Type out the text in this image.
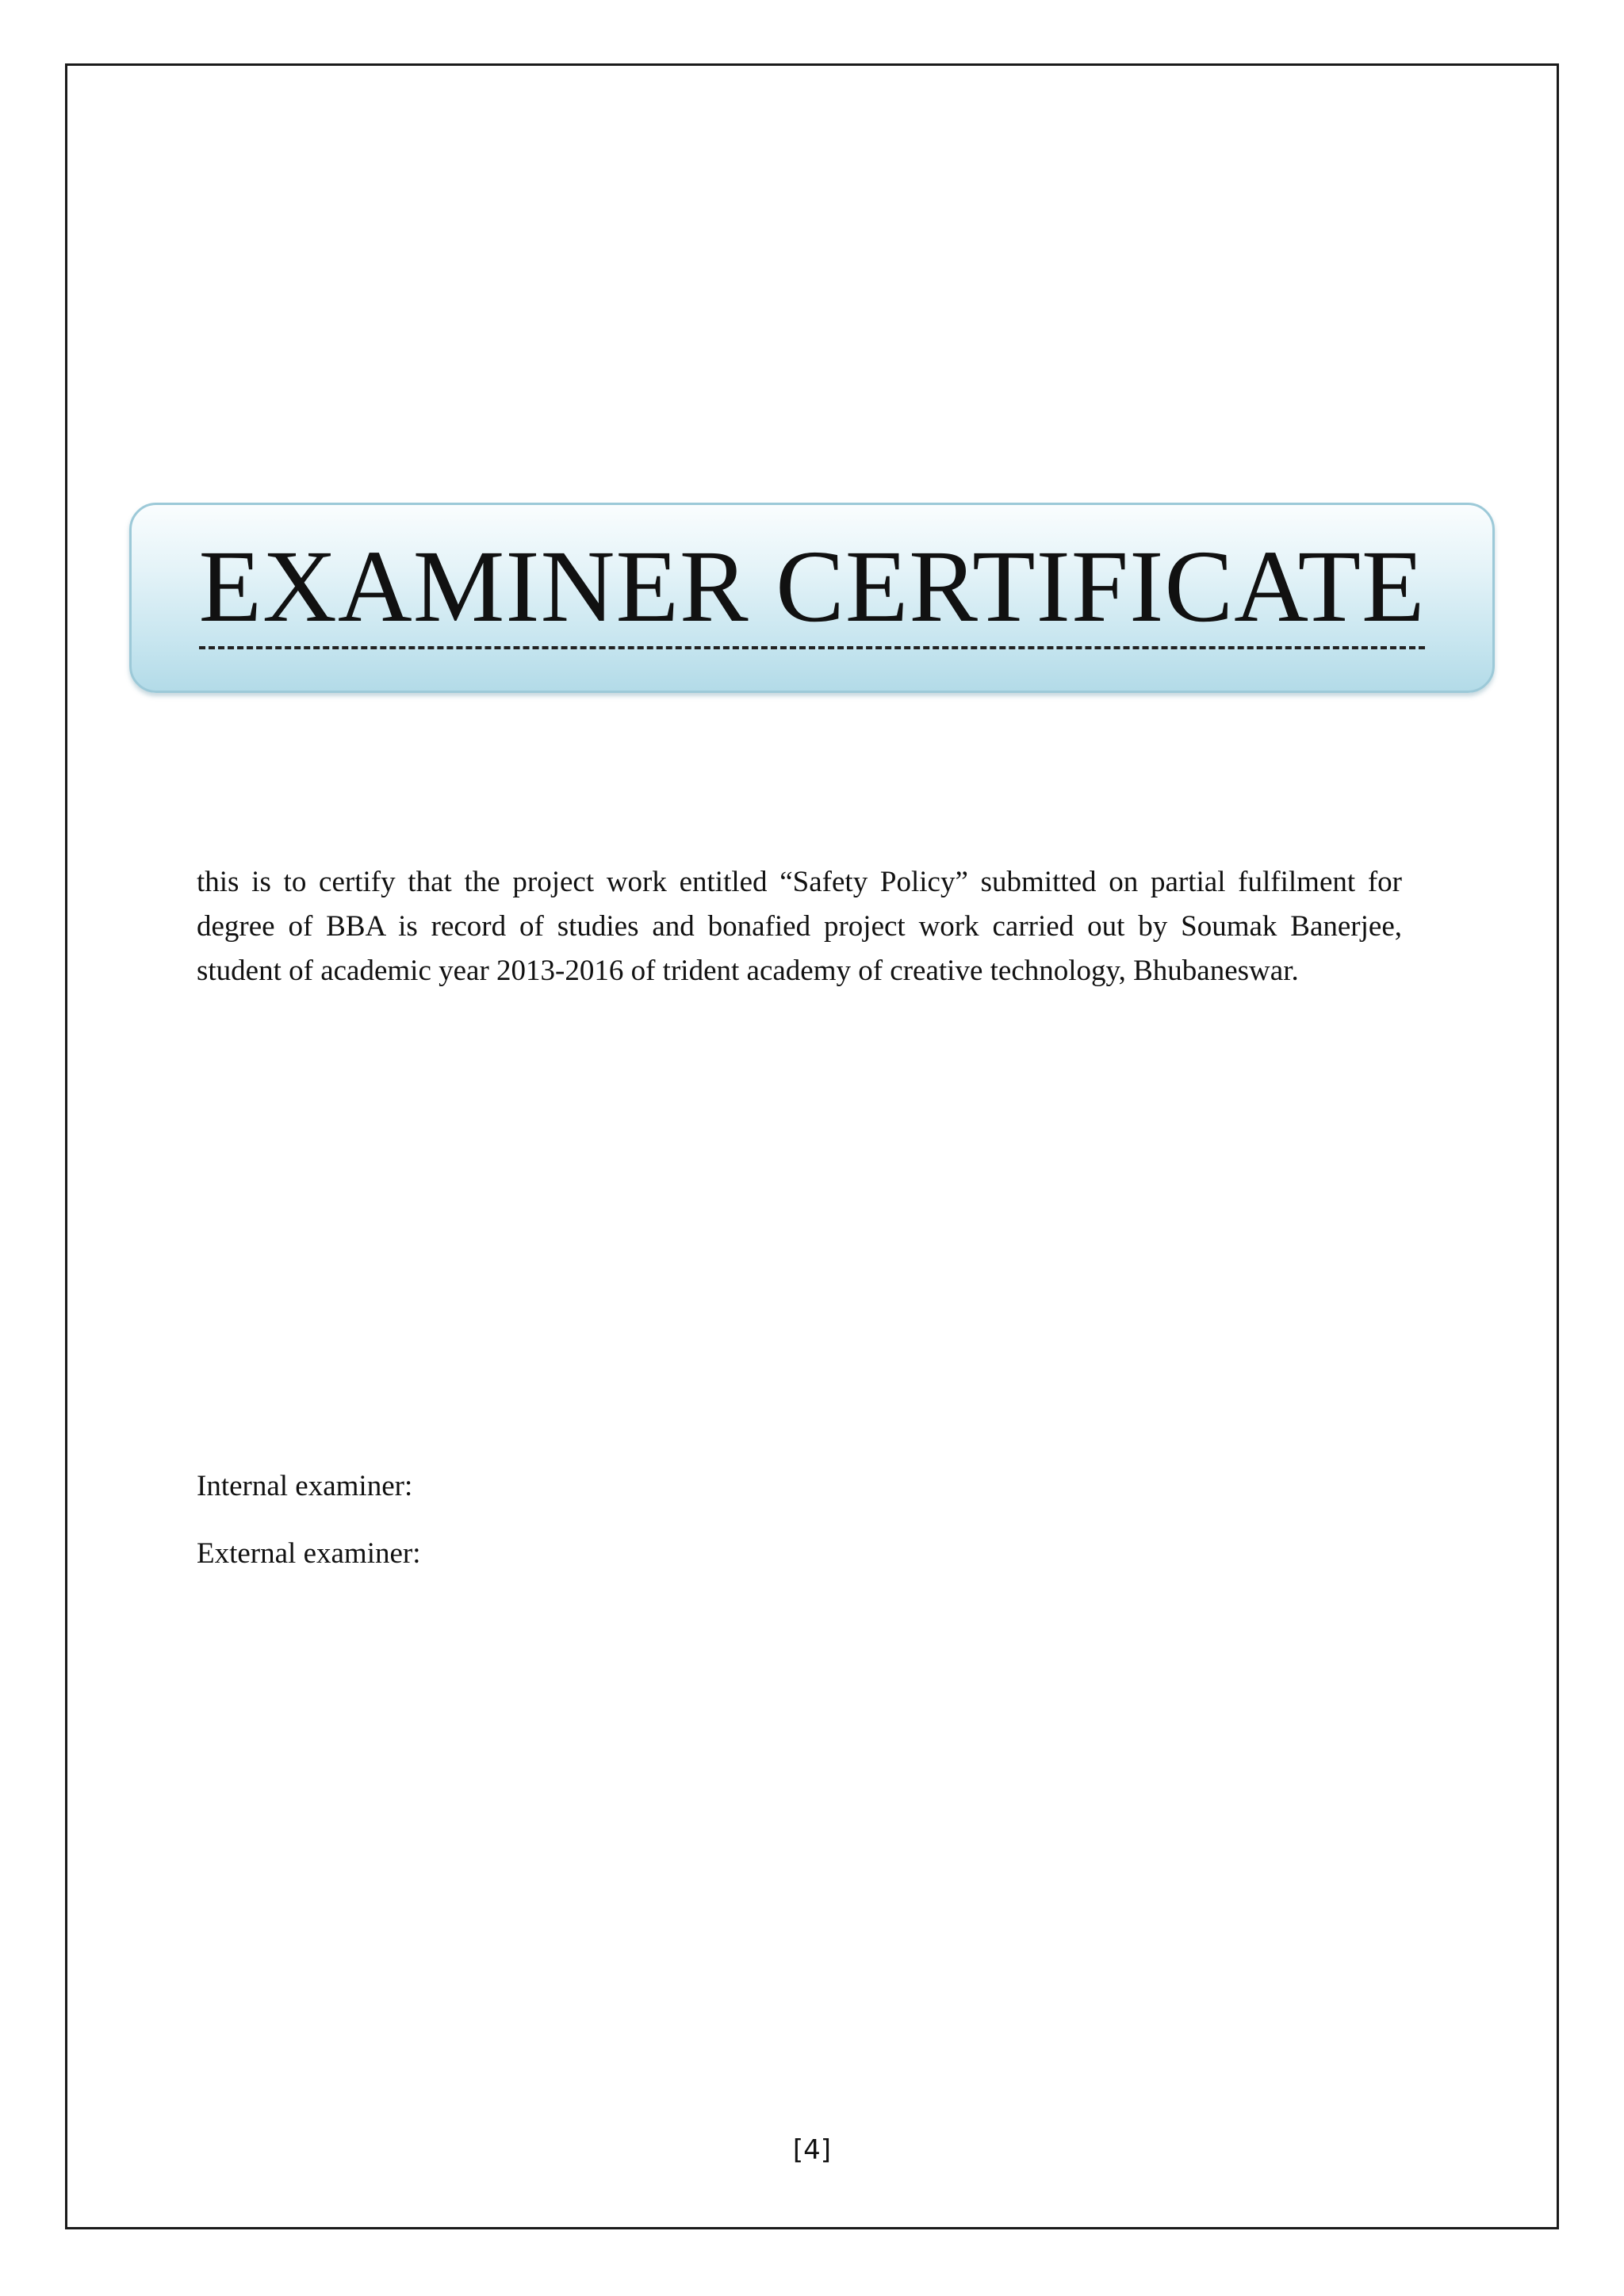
EXAMINER CERTIFICATE
this is to certify that the project work entitled “Safety Policy” submitted on partial fulfilment for degree of BBA is record of studies and bonafied project work carried out by Soumak Banerjee, student of academic year 2013-2016 of trident academy of creative technology, Bhubaneswar.
Internal examiner:
External examiner:
[4]
